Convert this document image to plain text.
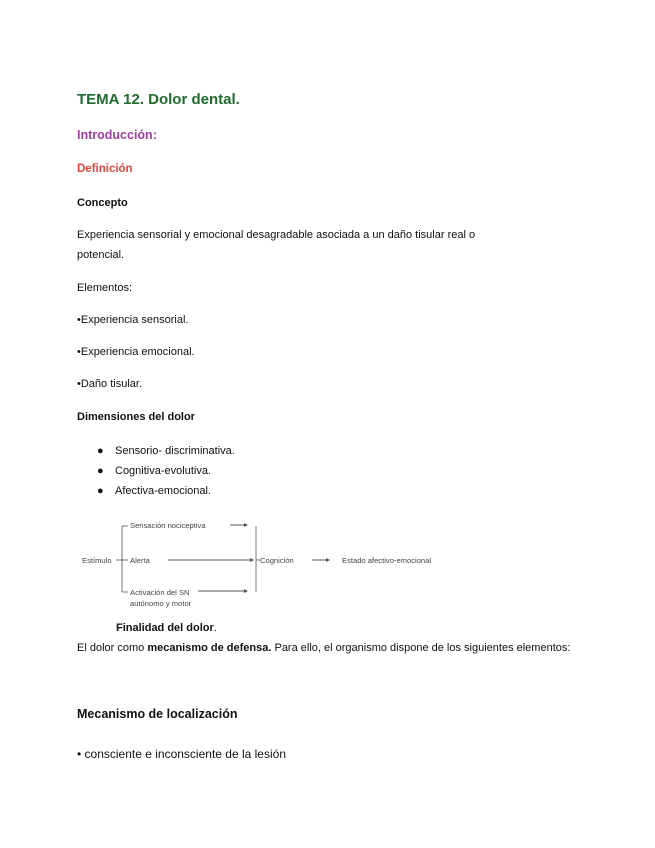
TEMA 12. Dolor dental.
Introducción:
Definición
Concepto
Experiencia sensorial y emocional desagradable asociada a un daño tisular real o
potencial.
Elementos:
•Experiencia sensorial.
•Experiencia emocional.
•Daño tisular.
Dimensiones del dolor
● Sensorio- discriminativa.
● Cognitiva-evolutiva.
● Afectiva-emocional.
Estímulo
Sensación nociceptiva
Alerta
Activación del SN
autónomo y motor
Cognición	Estado afectivo-emocional
Finalidad del dolor.
El dolor como mecanismo de defensa. Para ello, el organismo dispone de los siguientes elementos:
Mecanismo de localización
• consciente e inconsciente de la lesión
